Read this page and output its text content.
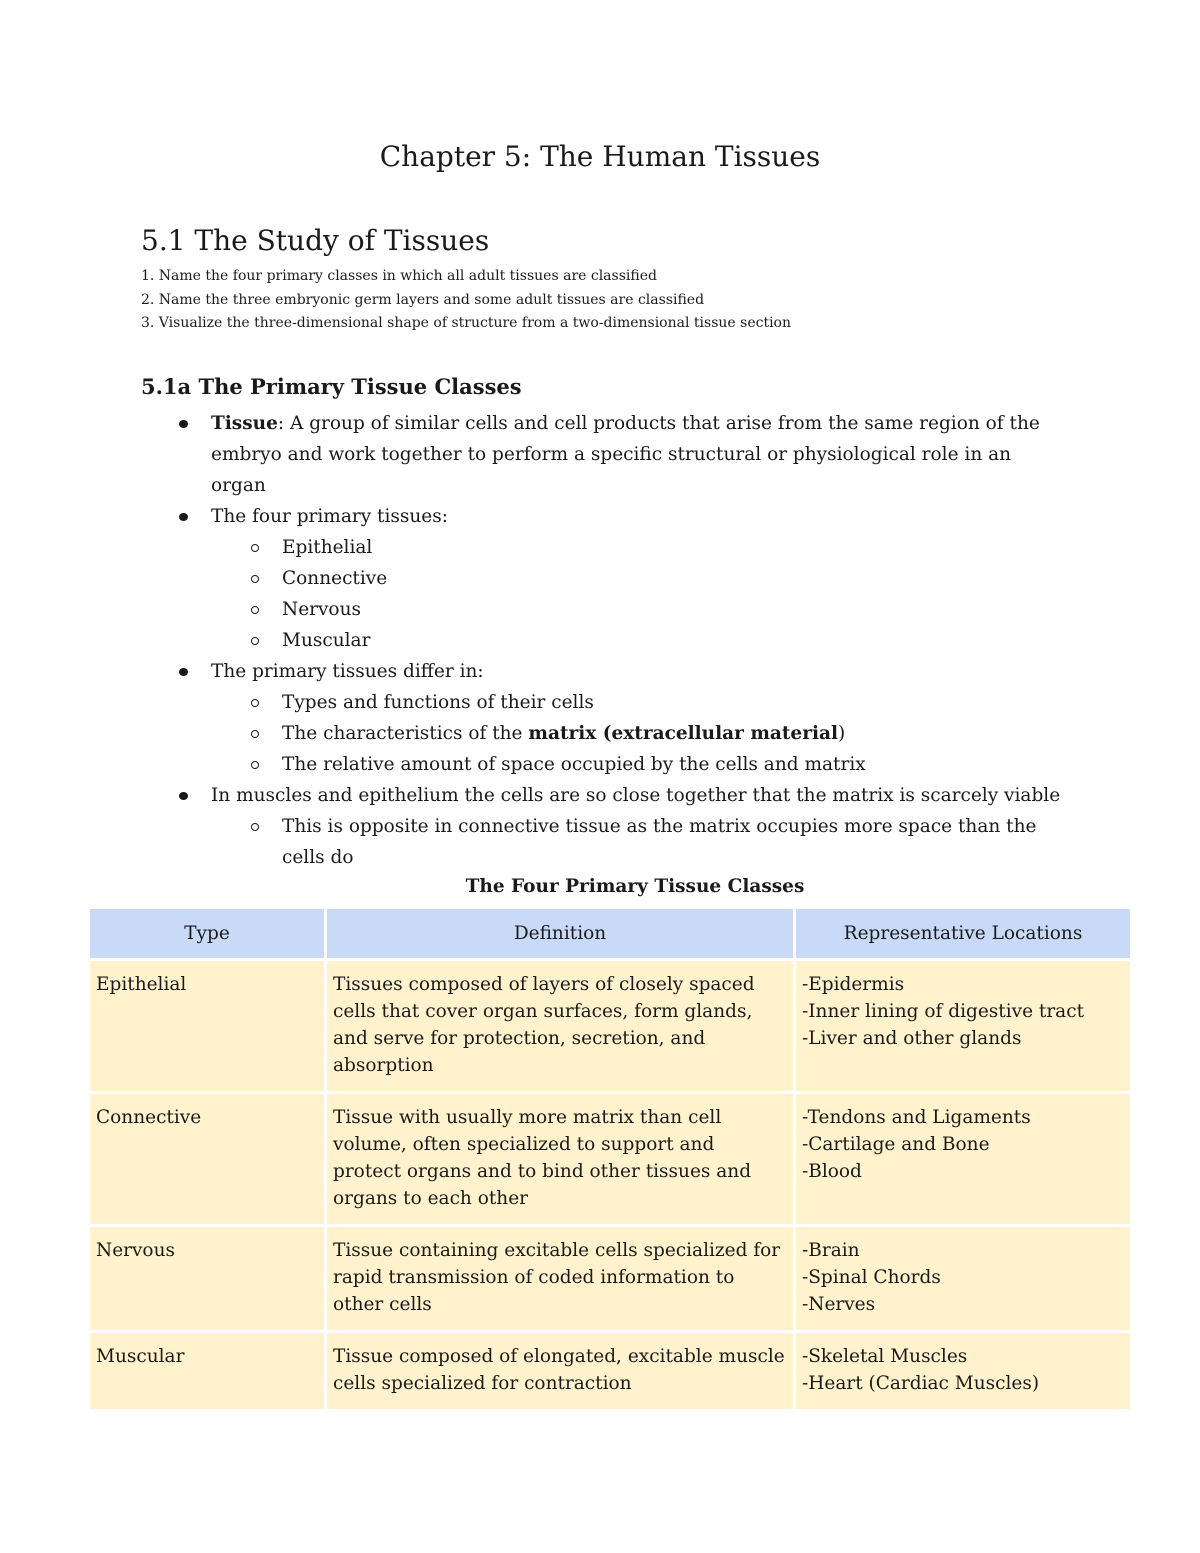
Chapter 5: The Human Tissues
5.1 The Study of Tissues
1. Name the four primary classes in which all adult tissues are classified
2. Name the three embryonic germ layers and some adult tissues are classified
3. Visualize the three-dimensional shape of structure from a two-dimensional tissue section
5.1a The Primary Tissue Classes
Tissue: A group of similar cells and cell products that arise from the same region of the embryo and work together to perform a specific structural or physiological role in an organ
The four primary tissues:
Epithelial
Connective
Nervous
Muscular
The primary tissues differ in:
Types and functions of their cells
The characteristics of the matrix (extracellular material)
The relative amount of space occupied by the cells and matrix
In muscles and epithelium the cells are so close together that the matrix is scarcely viable
This is opposite in connective tissue as the matrix occupies more space than the cells do
The Four Primary Tissue Classes
Type	Definition	Representative Locations
Epithelial	Tissues composed of layers of closely spaced cells that cover organ surfaces, form glands, and serve for protection, secretion, and absorption	-Epidermis
-Inner lining of digestive tract
-Liver and other glands

Connective	Tissue with usually more matrix than cell volume, often specialized to support and protect organs and to bind other tissues and organs to each other	-Tendons and Ligaments
-Cartilage and Bone
-Blood

Nervous	Tissue containing excitable cells specialized for rapid transmission of coded information to other cells	-Brain
-Spinal Chords
-Nerves

Muscular	Tissue composed of elongated, excitable muscle cells specialized for contraction	-Skeletal Muscles
-Heart (Cardiac Muscles)
